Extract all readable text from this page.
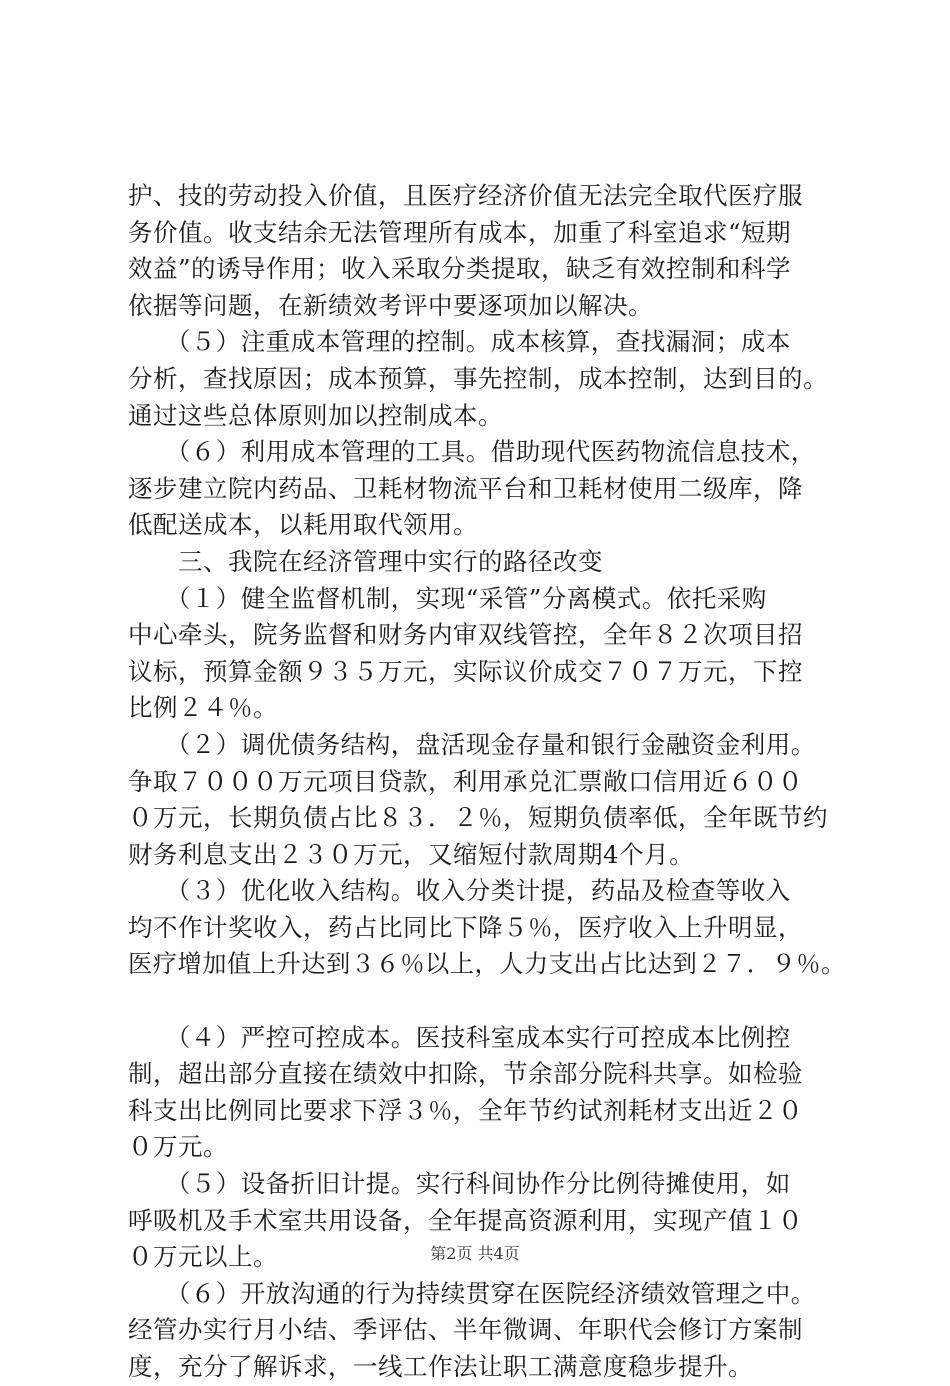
护、技的劳动投入价值，且医疗经济价值无法完全取代医疗服
务价值。收支结余无法管理所有成本，加重了科室追求“短期
效益”的诱导作用；收入采取分类提取，缺乏有效控制和科学
依据等问题，在新绩效考评中要逐项加以解决。
　　（５）注重成本管理的控制。成本核算，查找漏洞；成本
分析，查找原因；成本预算，事先控制，成本控制，达到目的。
通过这些总体原则加以控制成本。
　　（６）利用成本管理的工具。借助现代医药物流信息技术，
逐步建立院内药品、卫耗材物流平台和卫耗材使用二级库，降
低配送成本，以耗用取代领用。
　　三、我院在经济管理中实行的路径改变
　　（１）健全监督机制，实现“采管”分离模式。依托采购
中心牵头，院务监督和财务内审双线管控，全年８２次项目招
议标，预算金额９３５万元，实际议价成交７０７万元，下控
比例２４％。
　　（２）调优债务结构，盘活现金存量和银行金融资金利用。
争取７０００万元项目贷款，利用承兑汇票敞口信用近６００
０万元，长期负债占比８３．２％，短期负债率低，全年既节约
财务利息支出２３０万元，又缩短付款周期4个月。
　　（３）优化收入结构。收入分类计提，药品及检查等收入
均不作计奖收入，药占比同比下降５％，医疗收入上升明显，
医疗增加值上升达到３６％以上，人力支出占比达到２７．９％。
　　（４）严控可控成本。医技科室成本实行可控成本比例控
制，超出部分直接在绩效中扣除，节余部分院科共享。如检验
科支出比例同比要求下浮３％，全年节约试剂耗材支出近２０
０万元。
　　（５）设备折旧计提。实行科间协作分比例待摊使用，如
呼吸机及手术室共用设备，全年提高资源利用，实现产值１０
０万元以上。
　　（６）开放沟通的行为持续贯穿在医院经济绩效管理之中。
经管办实行月小结、季评估、半年微调、年职代会修订方案制
度，充分了解诉求，一线工作法让职工满意度稳步提升。
第2页 共4页
